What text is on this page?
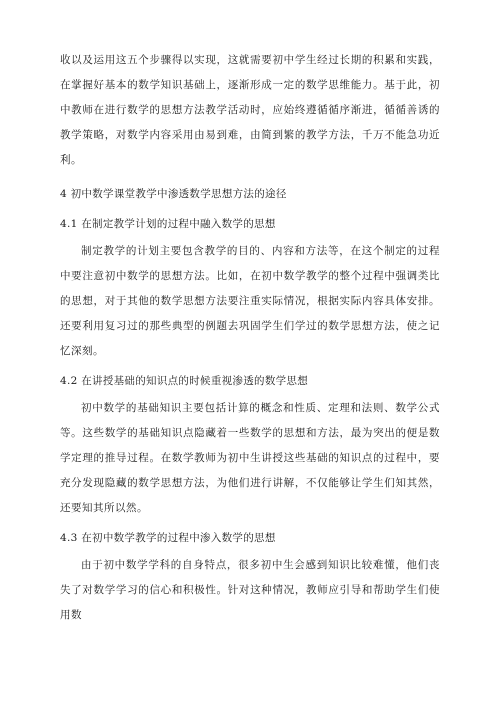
收以及运用这五个步骤得以实现，这就需要初中学生经过长期的积累和实践，在掌握好基本的数学知识基础上，逐渐形成一定的数学思维能力。基于此，初中教师在进行数学的思想方法教学活动时，应始终遵循循序渐进，循循善诱的教学策略，对数学内容采用由易到难，由简到繁的教学方法，千万不能急功近利。

4 初中数学课堂教学中渗透数学思想方法的途径
4.1 在制定教学计划的过程中融入数学的思想

制定教学的计划主要包含教学的目的、内容和方法等，在这个制定的过程中要注意初中数学的思想方法。比如，在初中数学教学的整个过程中强调类比的思想，对于其他的数学思想方法要注重实际情况，根据实际内容具体安排。还要利用复习过的那些典型的例题去巩固学生们学过的数学思想方法，使之记忆深刻。

4.2 在讲授基础的知识点的时候重视渗透的数学思想

初中数学的基础知识主要包括计算的概念和性质、定理和法则、数学公式等。这些数学的基础知识点隐藏着一些数学的思想和方法，最为突出的便是数学定理的推导过程。在数学教师为初中生讲授这些基础的知识点的过程中，要充分发现隐藏的数学思想方法，为他们进行讲解，不仅能够让学生们知其然，还要知其所以然。

4.3 在初中数学教学的过程中渗入数学的思想

由于初中数学学科的自身特点，很多初中生会感到知识比较难懂，他们丧失了对数学学习的信心和积极性。针对这种情况，教师应引导和帮助学生们使用数
